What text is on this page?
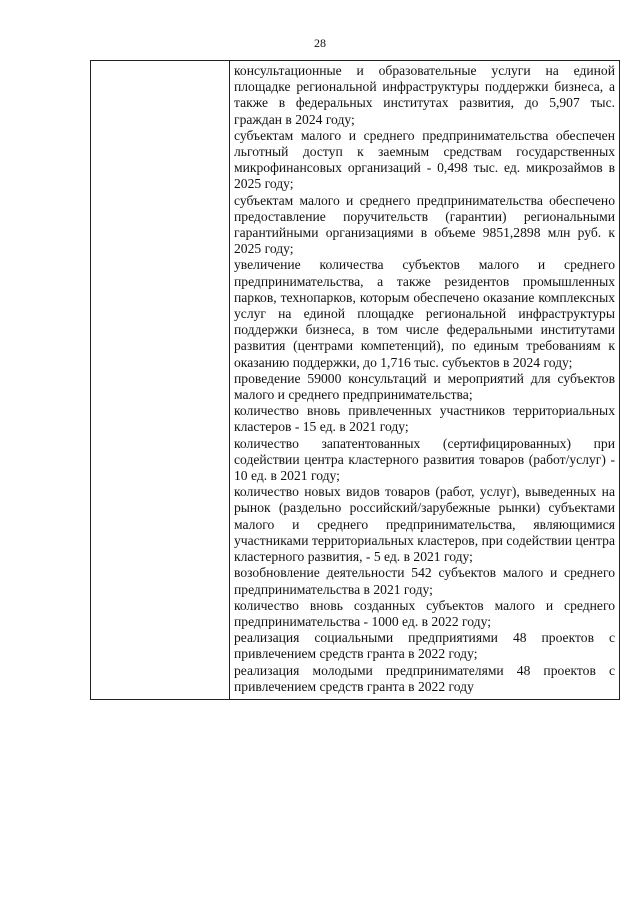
28

консультационные и образовательные услуги на единой площадке региональной инфраструктуры поддержки бизнеса, а также в федеральных институтах развития, до 5,907 тыс. граждан в 2024 году;

субъектам малого и среднего предпринимательства обеспечен льготный доступ к заемным средствам государственных микрофинансовых организаций - 0,498 тыс. ед. микрозаймов в 2025 году;

субъектам малого и среднего предпринимательства обеспечено предоставление поручительств (гарантии) региональными гарантийными организациями в объеме 9851,2898 млн руб. к 2025 году;

увеличение количества субъектов малого и среднего предпринимательства, а также резидентов промышленных парков, технопарков, которым обеспечено оказание комплексных услуг на единой площадке региональной инфраструктуры поддержки бизнеса, в том числе федеральными институтами развития (центрами компетенций), по единым требованиям к оказанию поддержки, до 1,716 тыс. субъектов в 2024 году;

проведение 59000 консультаций и мероприятий для субъектов малого и среднего предпринимательства;

количество вновь привлеченных участников территориальных кластеров - 15 ед. в 2021 году;

количество запатентованных (сертифицированных) при содействии центра кластерного развития товаров (работ/услуг) - 10 ед. в 2021 году;

количество новых видов товаров (работ, услуг), выведенных на рынок (раздельно российский/зарубежные рынки) субъектами малого и среднего предпринимательства, являющимися участниками территориальных кластеров, при содействии центра кластерного развития, - 5 ед. в 2021 году;

возобновление деятельности 542 субъектов малого и среднего предпринимательства в 2021 году;

количество вновь созданных субъектов малого и среднего предпринимательства - 1000 ед. в 2022 году;

реализация социальными предприятиями 48 проектов с привлечением средств гранта в 2022 году;

реализация молодыми предпринимателями 48 проектов с привлечением средств гранта в 2022 году
